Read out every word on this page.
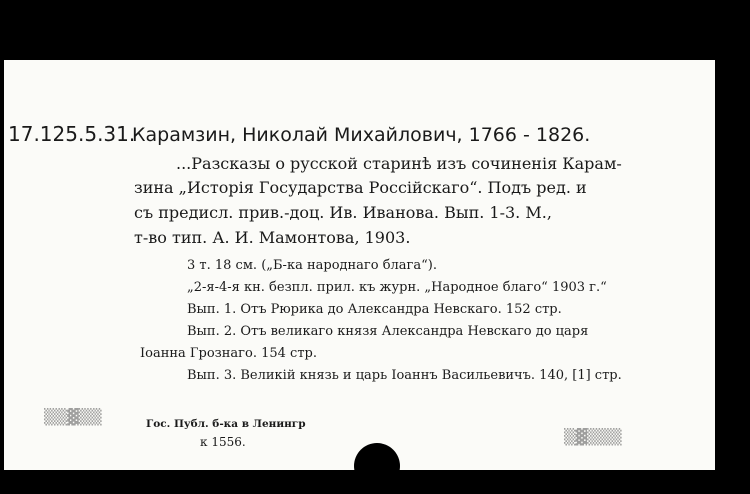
17.125.5.31.
Карамзин, Николай Михайлович, 1766 - 1826.
...Разсказы о русской старинѣ изъ сочиненія Карам-
зина „Исторія Государства Россійскаго“. Подъ ред. и
съ предисл. прив.-доц. Ив. Иванова. Вып. 1-3. М.,
т-во тип. А. И. Мамонтова, 1903.
3 т. 18 см. („Б-ка народнаго блага“).
„2-я-4-я кн. безпл. прил. къ журн. „Народное благо“ 1903 г.“
Вып. 1. Отъ Рюрика до Александра Невскаго. 152 стр.
Вып. 2. Отъ великаго князя Александра Невскаго до царя
Іоанна Грознаго. 154 стр.
Вып. 3. Великій князь и царь Іоаннъ Васильевичъ. 140, [1] стр.
▒▒▓▒▒
▒▓▒▒▒
Гос. Публ. б-ка в Ленингр
к 1556.
